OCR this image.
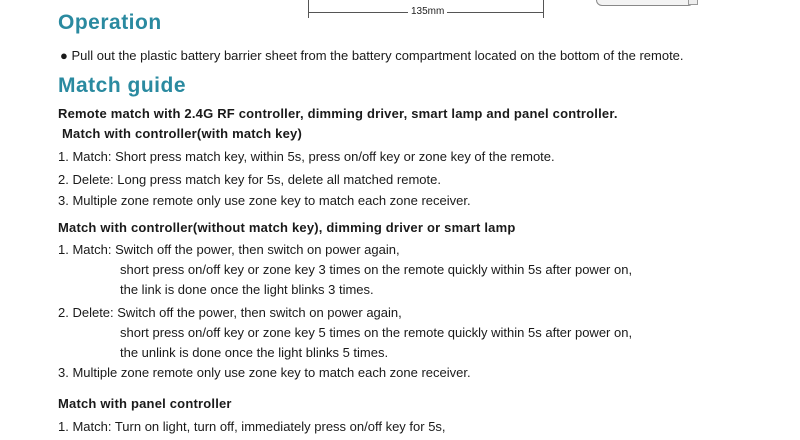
135mm
Operation
● Pull out the plastic battery barrier sheet from the battery compartment located on the bottom of the remote.
Match guide
Remote match with 2.4G RF controller, dimming driver, smart lamp and panel controller.
Match with controller(with match key)
1. Match: Short press match key, within 5s, press on/off key or zone key of the remote.
2. Delete: Long press match key for 5s, delete all matched remote.
3. Multiple zone remote only use zone key to match each zone receiver.
Match with controller(without match key), dimming driver or smart lamp
1. Match: Switch off the power, then switch on power again,
short press on/off key or zone key 3 times on the remote quickly within 5s after power on,
the link is done once the light blinks 3 times.
2. Delete: Switch off the power, then switch on power again,
short press on/off key or zone key 5 times on the remote quickly within 5s after power on,
the unlink is done once the light blinks 5 times.
3. Multiple zone remote only use zone key to match each zone receiver.
Match with panel controller
1. Match: Turn on light, turn off, immediately press on/off key for 5s,
